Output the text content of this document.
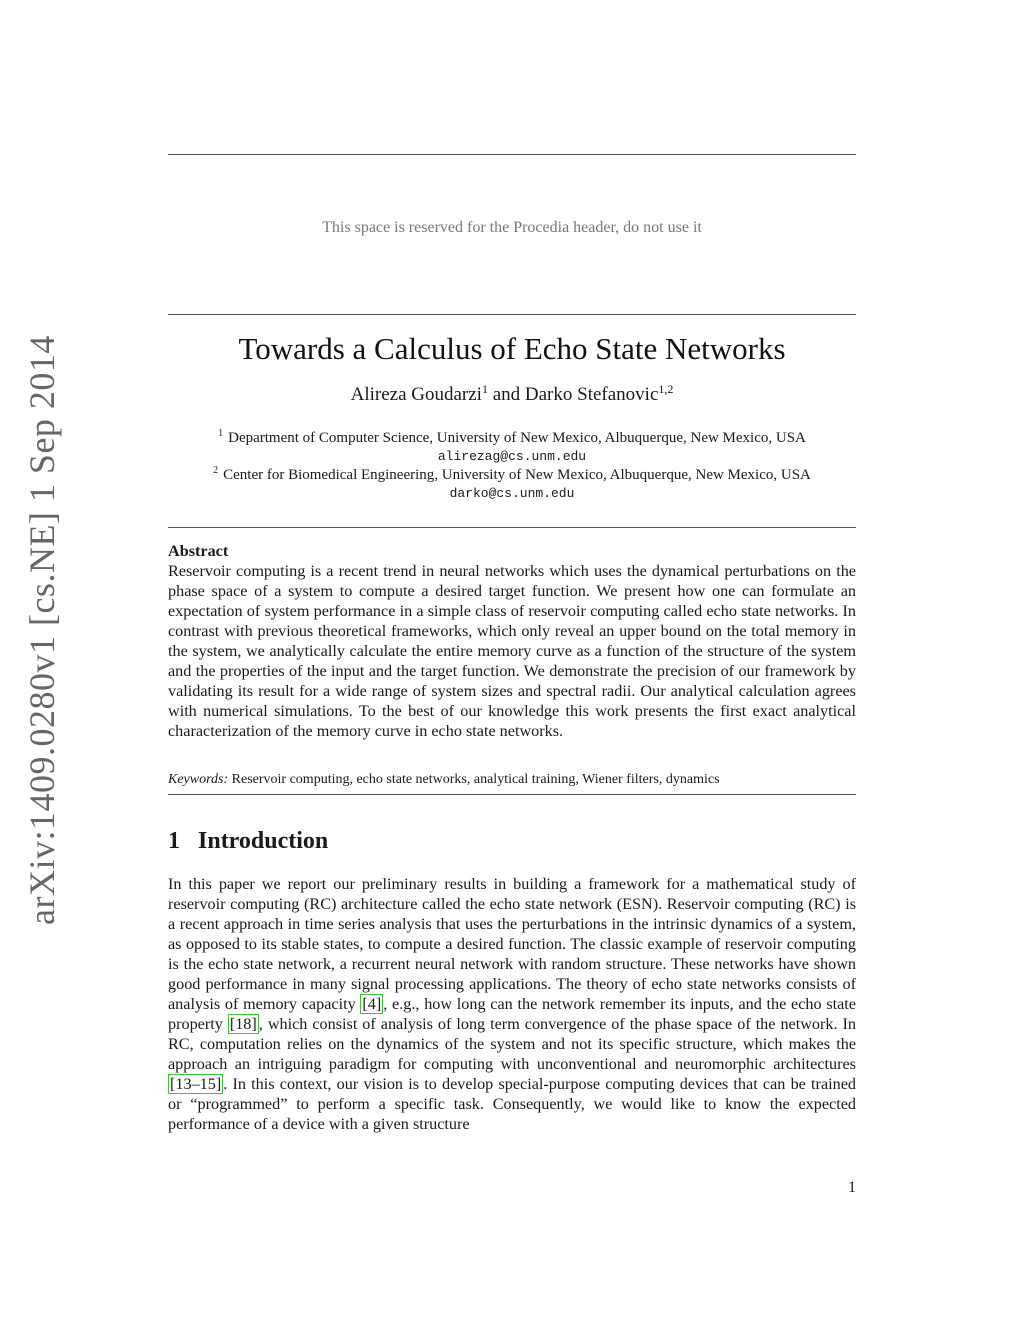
arXiv:1409.0280v1 [cs.NE] 1 Sep 2014
This space is reserved for the Procedia header, do not use it
Towards a Calculus of Echo State Networks
Alireza Goudarzi$^1$ and Darko Stefanovic$^{1,2}$
$^1$ Department of Computer Science, University of New Mexico, Albuquerque, New Mexico, USA
alirezag@cs.unm.edu
$^2$ Center for Biomedical Engineering, University of New Mexico, Albuquerque, New Mexico, USA
darko@cs.unm.edu
Abstract

Reservoir computing is a recent trend in neural networks which uses the dynamical perturbations on the phase space of a system to compute a desired target function. We present how one can formulate an expectation of system performance in a simple class of reservoir computing called echo state networks. In contrast with previous theoretical frameworks, which only reveal an upper bound on the total memory in the system, we analytically calculate the entire memory curve as a function of the structure of the system and the properties of the input and the target function. We demonstrate the precision of our framework by validating its result for a wide range of system sizes and spectral radii. Our analytical calculation agrees with numerical simulations. To the best of our knowledge this work presents the first exact analytical characterization of the memory curve in echo state networks.

Keywords: Reservoir computing, echo state networks, analytical training, Wiener filters, dynamics
1 Introduction

In this paper we report our preliminary results in building a framework for a mathematical study of reservoir computing (RC) architecture called the echo state network (ESN). Reservoir computing (RC) is a recent approach in time series analysis that uses the perturbations in the intrinsic dynamics of a system, as opposed to its stable states, to compute a desired function. The classic example of reservoir computing is the echo state network, a recurrent neural network with random structure. These networks have shown good performance in many signal processing applications. The theory of echo state networks consists of analysis of memory capacity [4] , e.g., how long can the network remember its inputs, and the echo state property [18] , which consist of analysis of long term convergence of the phase space of the network. In RC, computation relies on the dynamics of the system and not its specific structure, which makes the approach an intriguing paradigm for computing with unconventional and neuromorphic architectures [13–15] . In this context, our vision is to develop special-purpose computing devices that can be trained or “programmed” to perform a specific task. Consequently, we would like to know the expected performance of a device with a given structure

1
